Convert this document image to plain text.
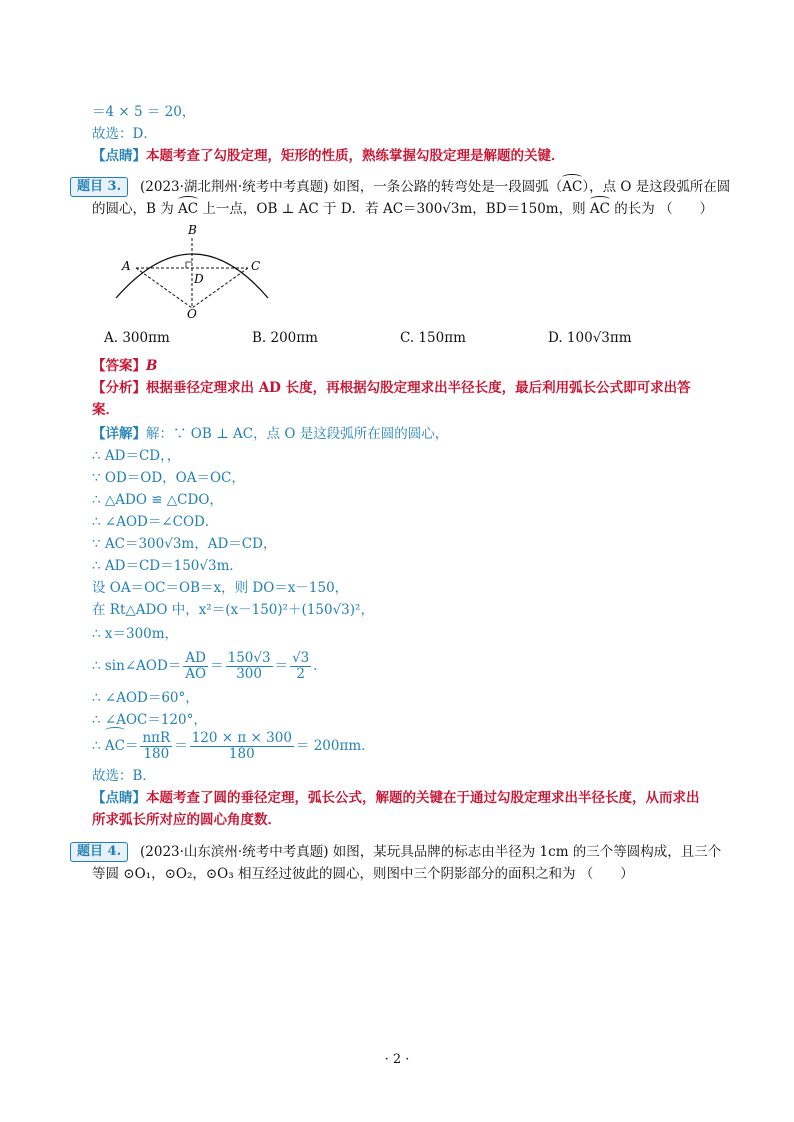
＝4 × 5 ＝ 20，
故选：D．
【点睛】本题考查了勾股定理，矩形的性质，熟练掌握勾股定理是解题的关键．
题目 3.	(2023·湖北荆州·统考中考真题) 如图，一条公路的转弯处是一段圆弧（AC），点 O 是这段弧所在圆
的圆心，B 为 AC 上一点，OB ⊥ AC 于 D．若 AC＝300√3m，BD＝150m，则 AC 的长为 （　　）
B
A	C
D
O
A. 300πm	B. 200πm	C. 150πm	D. 100√3πm
【答案】B
【分析】根据垂径定理求出 AD 长度，再根据勾股定理求出半径长度，最后利用弧长公式即可求出答
案．
【详解】解：∵ OB ⊥ AC，点 O 是这段弧所在圆的圆心，
∴ AD＝CD，，
∵ OD＝OD，OA＝OC，
∴ △ADO ≌ △CDO，
∴ ∠AOD＝∠COD．
∵ AC＝300√3m，AD＝CD，
∴ AD＝CD＝150√3m．
设 OA＝OC＝OB＝x，则 DO＝x－150，
在 Rt△ADO 中，x²＝(x－150)²＋(150√3)²，
∴ x＝300m，
∴ sin∠AOD＝ $\frac{AD}{AO} = \frac{150√3}{300} = \frac{√3}{2}$ ．
∴ ∠AOD＝60°，
∴ ∠AOC＝120°，
∴ $AC= \frac{\text{nπR}}{180} = \frac{120 \times \pi \times 300}{180} = 200\pi m$．
故选：B．
【点睛】本题考查了圆的垂径定理，弧长公式，解题的关键在于通过勾股定理求出半径长度，从而求出
所求弧长所对应的圆心角度数．
题目 4.	(2023·山东滨州·统考中考真题) 如图，某玩具品牌的标志由半径为 1cm 的三个等圆构成，且三个
等圆 ⊙O₁，⊙O₂，⊙O₃ 相互经过彼此的圆心，则图中三个阴影部分的面积之和为 （　　）
· 2 ·
